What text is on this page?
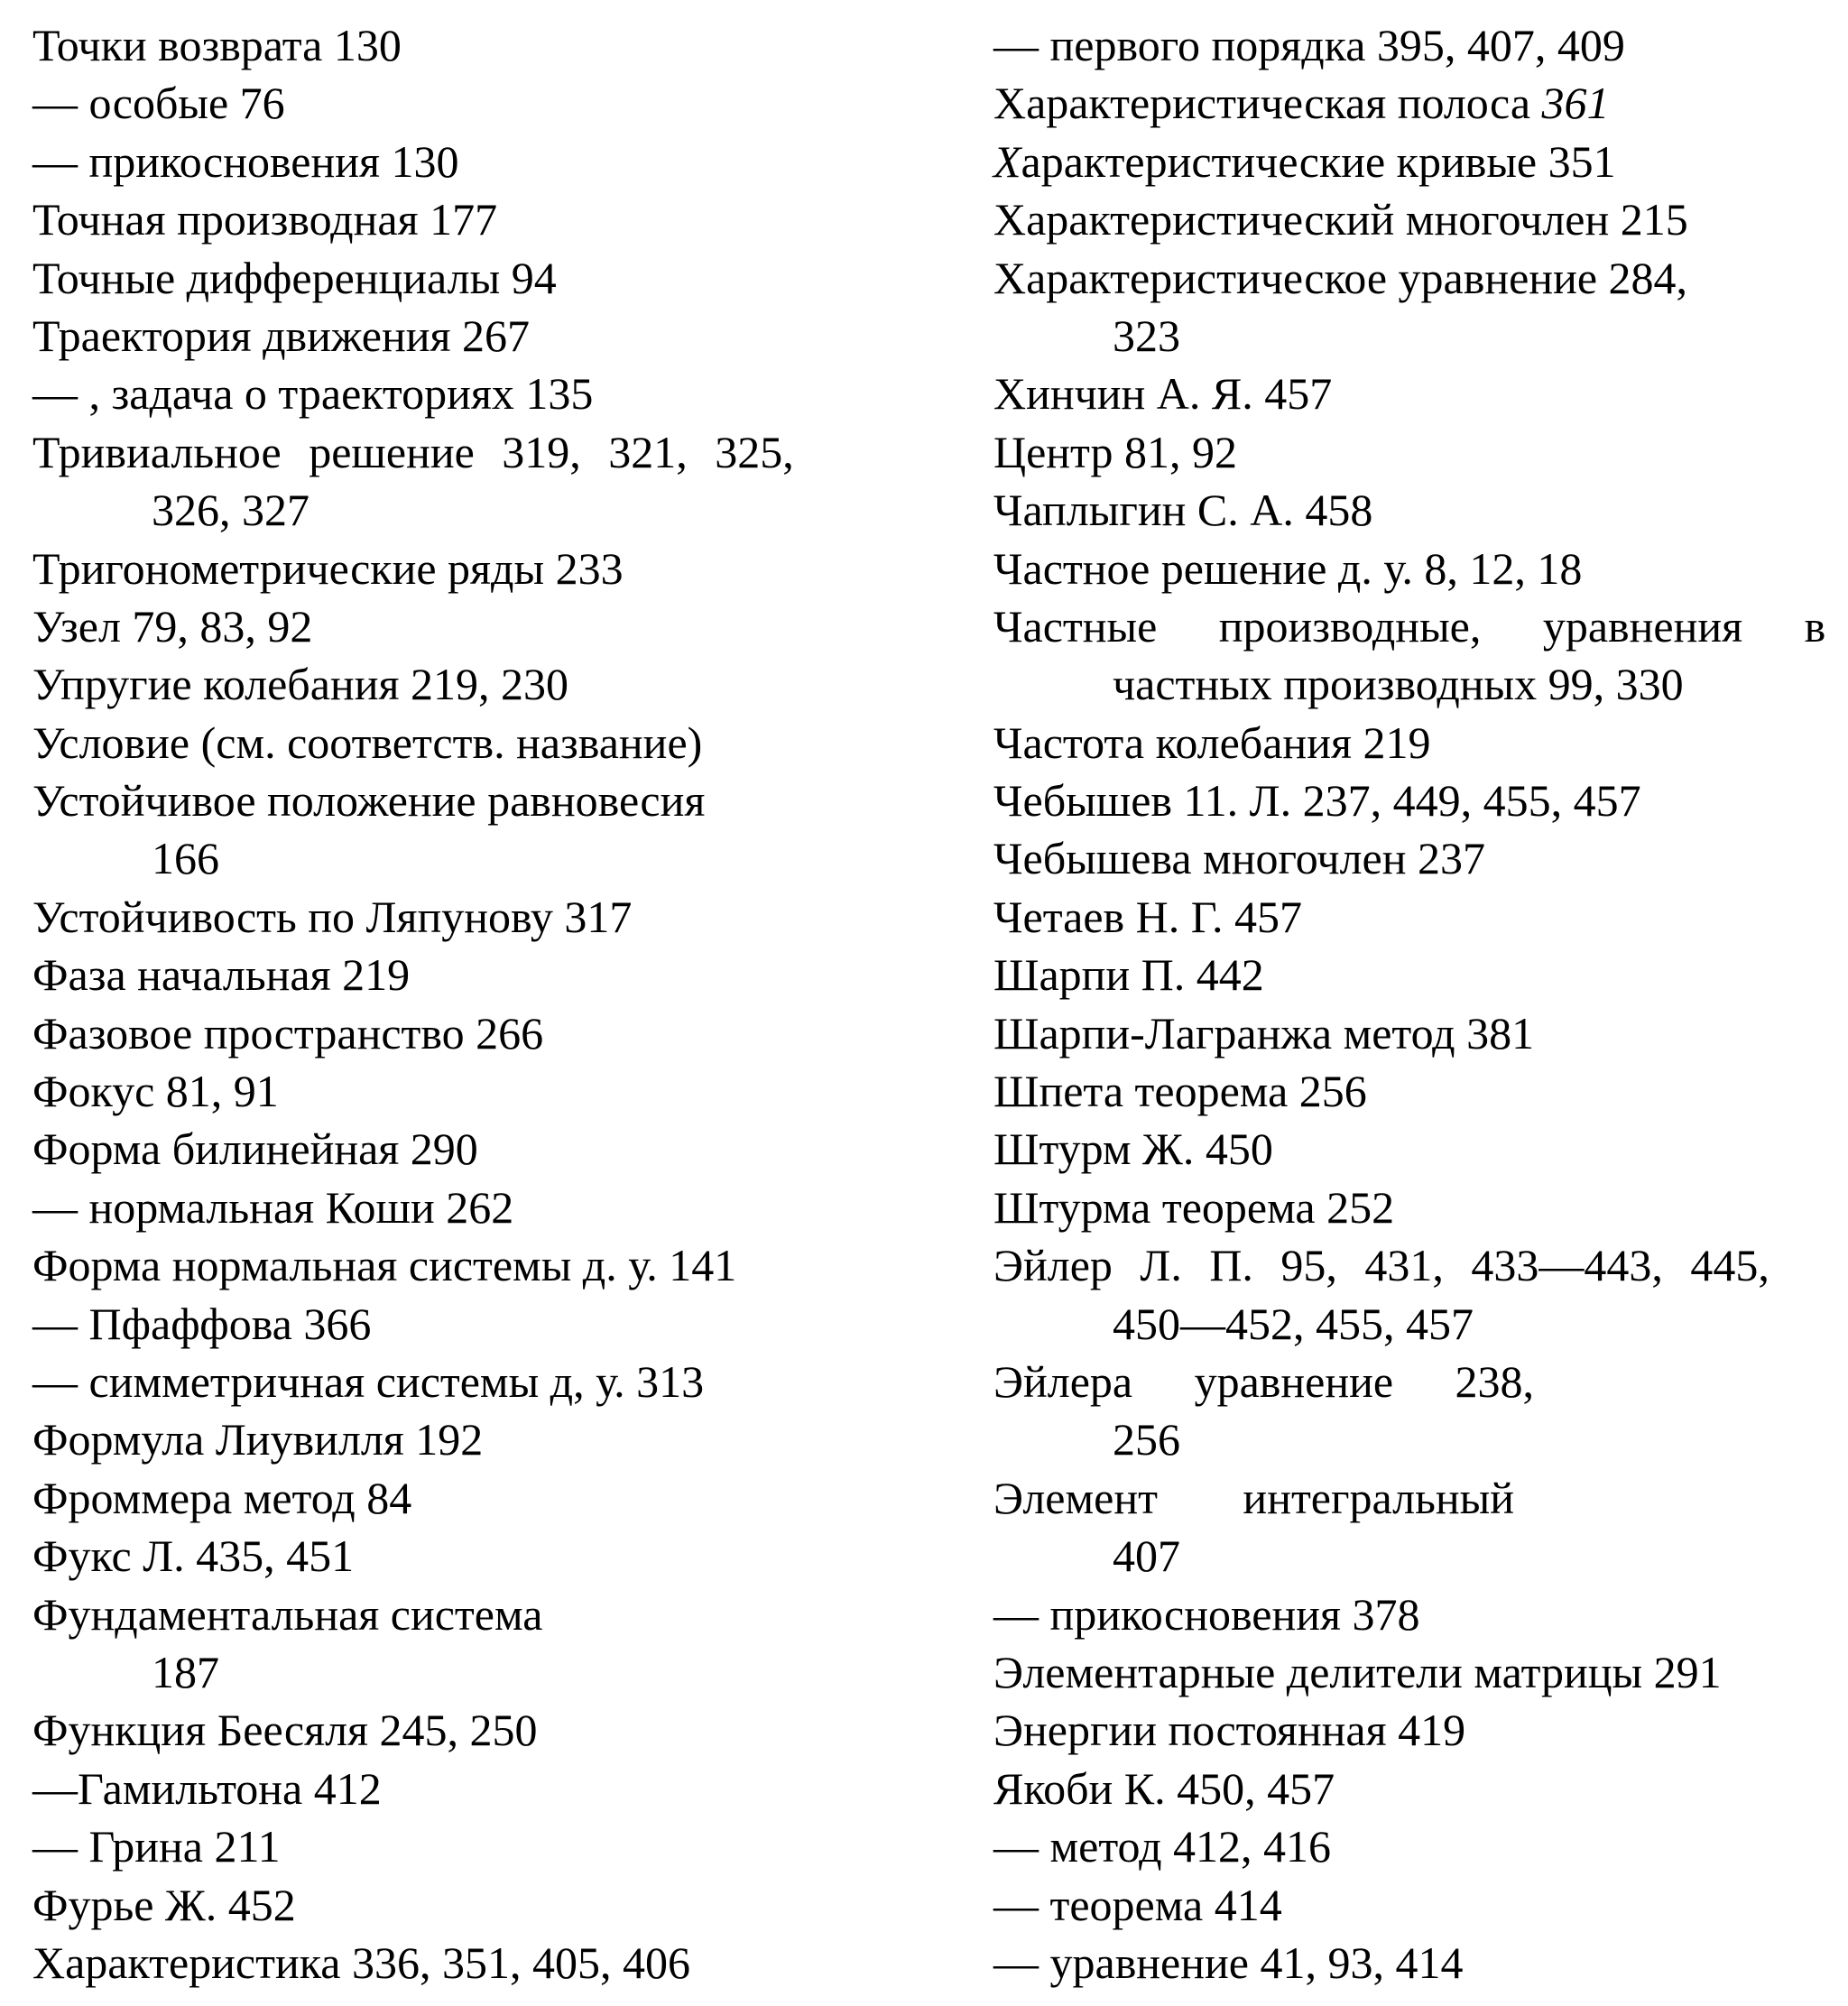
Точки возврата 130
— особые 76
— прикосновения 130
Точная производная 177
Точные дифференциалы 94
Траектория движения 267
— , задача о траекториях 135
Тривиальное решение 319, 321, 325,
326, 327
Тригонометрические ряды 233
Узел 79, 83, 92
Упругие колебания 219, 230
Условие (см. соответств. название)
Устойчивое положение равновесия
166
Устойчивость по Ляпунову 317
Фаза начальная 219
Фазовое пространство 266
Фокус 81, 91
Форма билинейная 290
— нормальная Коши 262
Форма нормальная системы д. у. 141
— Пфаффова 366
— симметричная системы д, у. 313
Формула Лиувилля 192
Фроммера метод 84
Фукс Л. 435, 451
Фундаментальная система
187
Функция Беесяля 245, 250
—Гамильтона 412
— Грина 211
Фурье Ж. 452
Характеристика 336, 351, 405, 406
— первого порядка 395, 407, 409
Характеристическая полоса 361
Характеристические кривые 351
Характеристический многочлен 215
Характеристическое уравнение 284,
323
Хинчин А. Я. 457
Центр 81, 92
Чаплыгин С. А. 458
Частное решение д. у. 8, 12, 18
Частные производные, уравнения в
частных производных 99, 330
Частота колебания 219
Чебышев 11. Л. 237, 449, 455, 457
Чебышева многочлен 237
Четаев Н. Г. 457
Шарпи П. 442
Шарпи-Лагранжа метод 381
Шпета теорема 256
Штурм Ж. 450
Штурма теорема 252
Эйлер Л. П. 95, 431, 433—443, 445,
450—452, 455, 457
Эйлера уравнение 238,
256
Элемент интегральный
407
— прикосновения 378
Элементарные делители матрицы 291
Энергии постоянная 419
Якоби К. 450, 457
— метод 412, 416
— теорема 414
— уравнение 41, 93, 414
